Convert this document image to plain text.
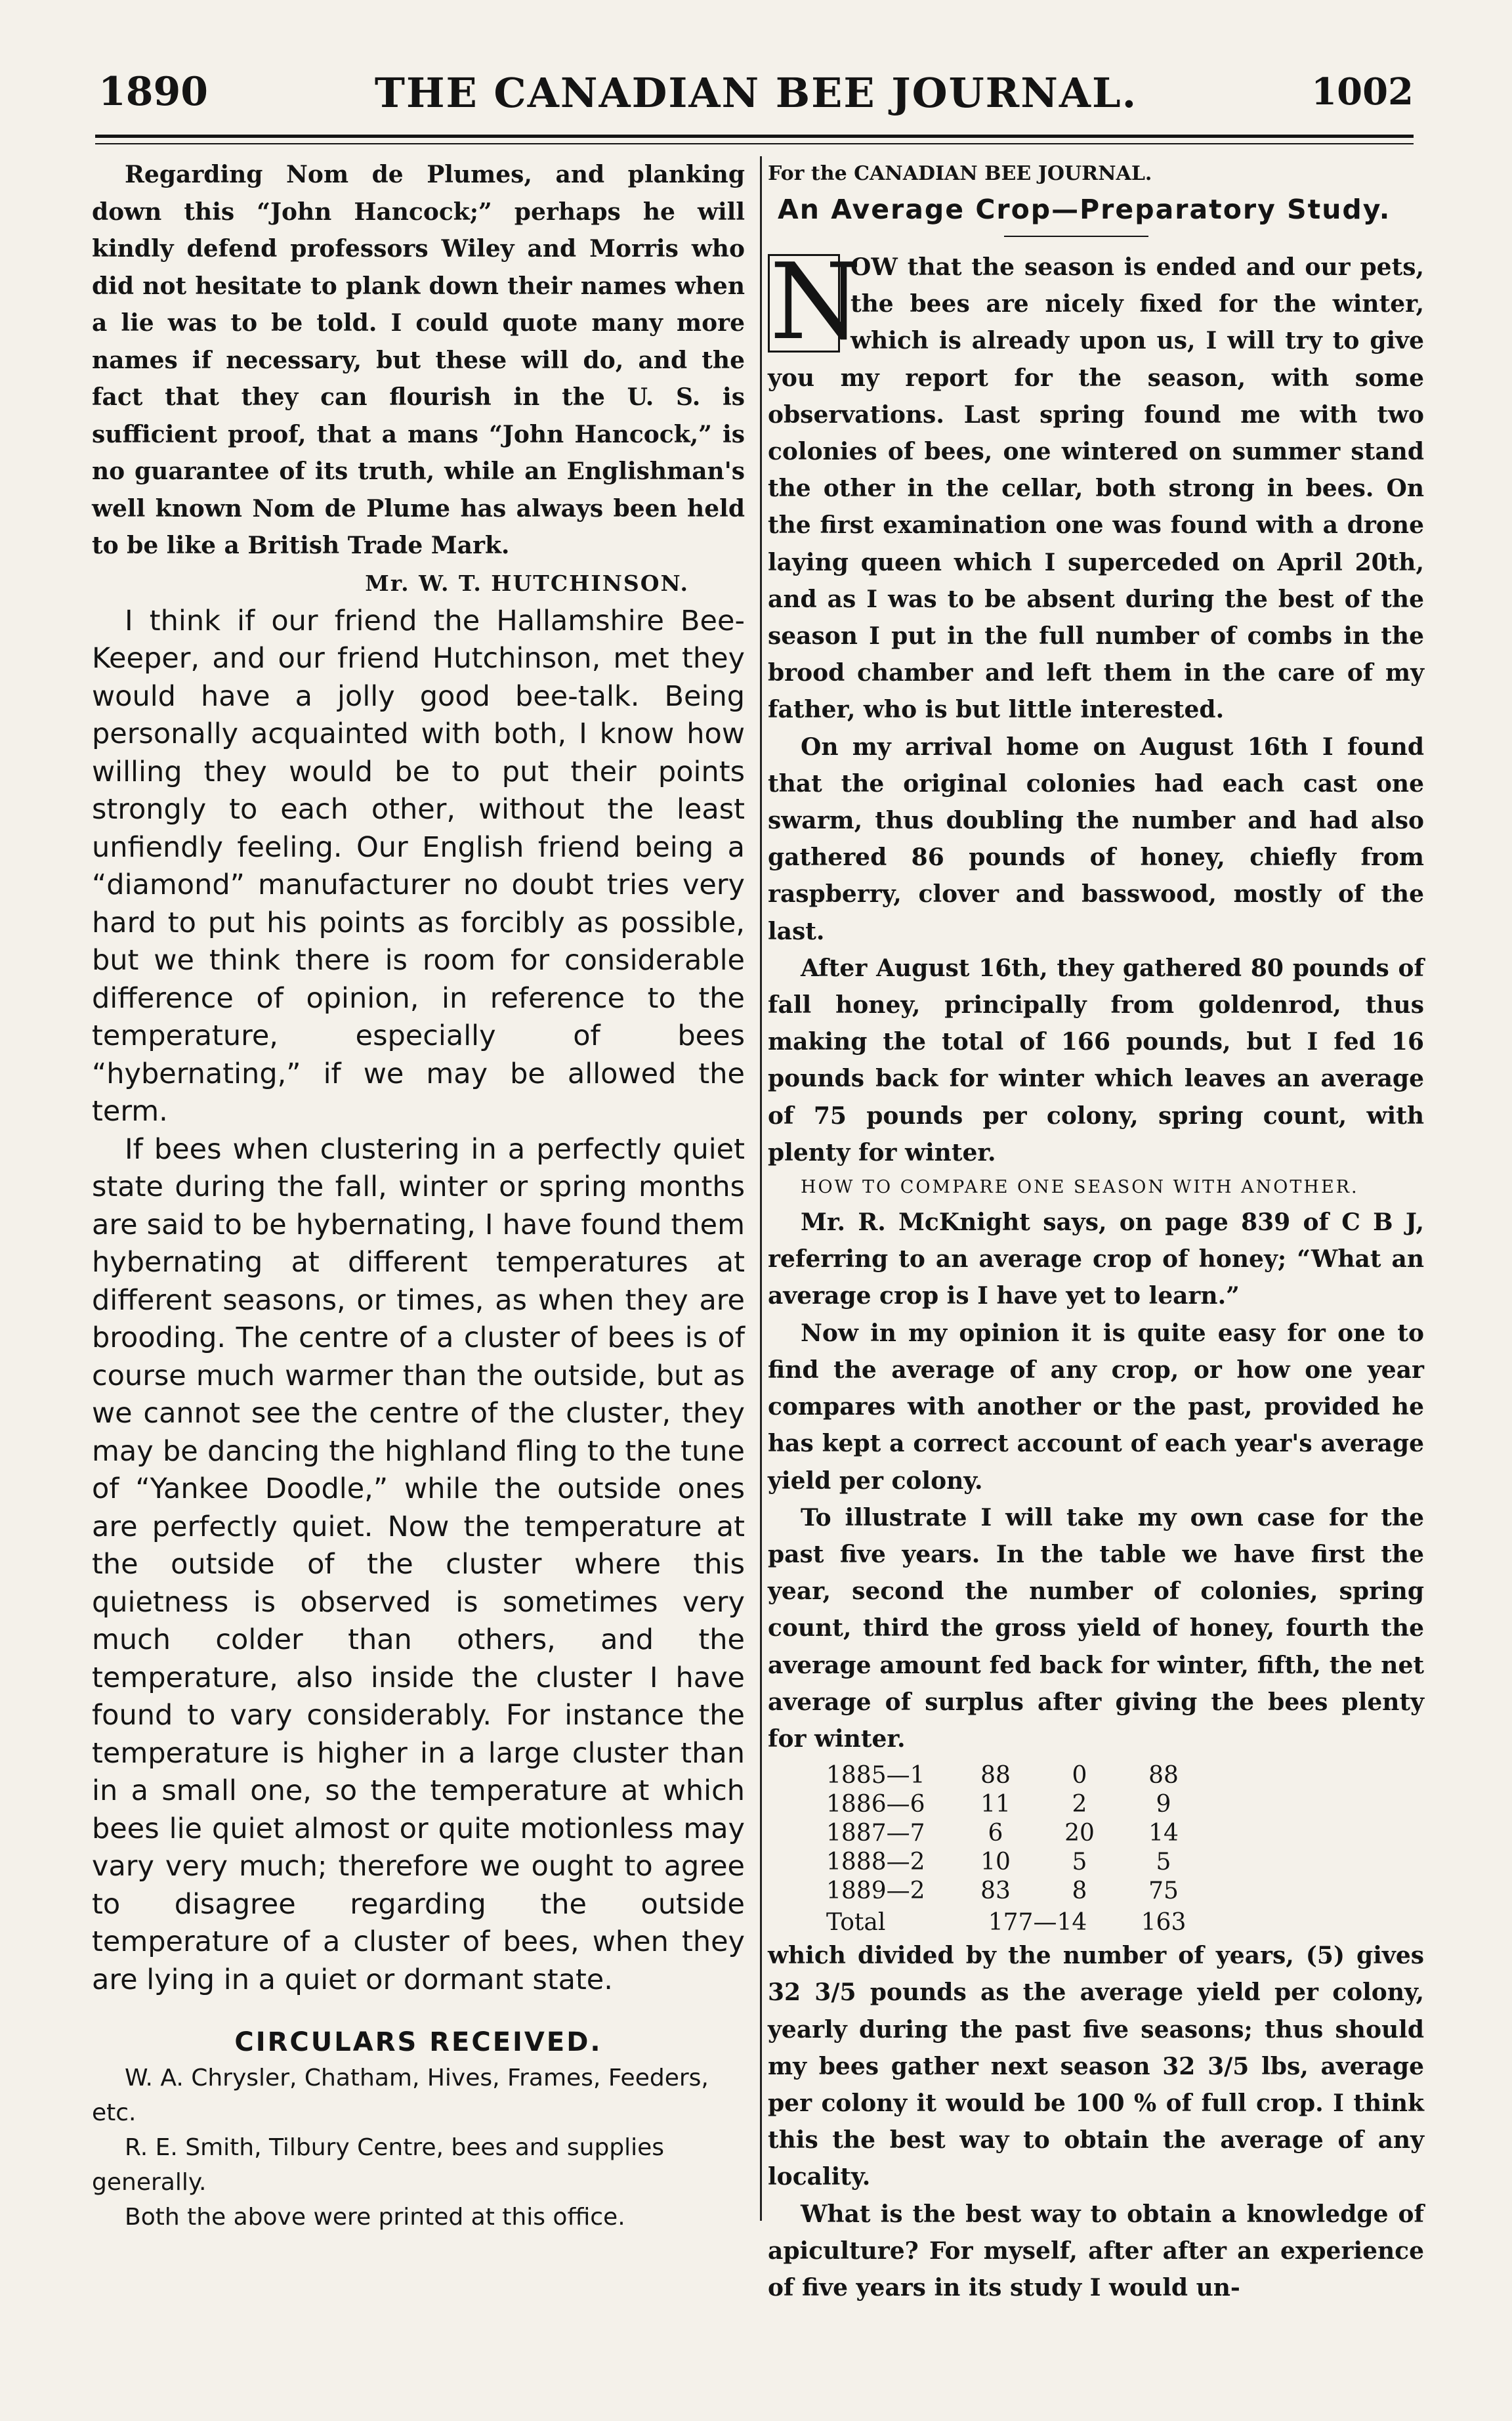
1890	THE CANADIAN BEE JOURNAL.	1002

Regarding Nom de Plumes, and planking down this “John Hancock;” perhaps he will kindly defend professors Wiley and Morris who did not hesitate to plank down their names when a lie was to be told. I could quote many more names if necessary, but these will do, and the fact that they can flourish in the U. S. is sufficient proof, that a mans “John Hancock,” is no guarantee of its truth, while an Englishman's well known Nom de Plume has always been held to be like a British Trade Mark.

Mr. W. T. HUTCHINSON.

I think if our friend the Hallamshire Bee-Keeper, and our friend Hutchinson, met they would have a jolly good bee-talk. Being personally acquainted with both, I know how willing they would be to put their points strongly to each other, without the least unfiendly feeling. Our English friend being a “diamond” manufacturer no doubt tries very hard to put his points as forcibly as possible, but we think there is room for considerable difference of opinion, in reference to the temperature, especially of bees “hybernating,” if we may be allowed the term.

If bees when clustering in a perfectly quiet state during the fall, winter or spring months are said to be hybernating, I have found them hybernating at different temperatures at different seasons, or times, as when they are brooding. The centre of a cluster of bees is of course much warmer than the outside, but as we cannot see the centre of the cluster, they may be dancing the highland fling to the tune of “Yankee Doodle,” while the outside ones are perfectly quiet. Now the temperature at the outside of the cluster where this quietness is observed is sometimes very much colder than others, and the temperature, also inside the cluster I have found to vary considerably. For instance the temperature is higher in a large cluster than in a small one, so the temperature at which bees lie quiet almost or quite motionless may vary very much; therefore we ought to agree to disagree regarding the outside temperature of a cluster of bees, when they are lying in a quiet or dormant state.

CIRCULARS RECEIVED.

W. A. Chrysler, Chatham, Hives, Frames, Feeders, etc.

R. E. Smith, Tilbury Centre, bees and supplies generally.

Both the above were printed at this office.

For the CANADIAN BEE JOURNAL.
An Average Crop—Preparatory Study.
N

OW that the season is ended and our pets, the bees are nicely fixed for the winter, which is already upon us, I will try to give you my report for the season, with some observations. Last spring found me with two colonies of bees, one wintered on summer stand the other in the cellar, both strong in bees. On the first examination one was found with a drone laying queen which I superceded on April 20th, and as I was to be absent during the best of the season I put in the full number of combs in the brood chamber and left them in the care of my father, who is but little interested.

On my arrival home on August 16th I found that the original colonies had each cast one swarm, thus doubling the number and had also gathered 86 pounds of honey, chiefly from raspberry, clover and basswood, mostly of the last.

After August 16th, they gathered 80 pounds of fall honey, principally from goldenrod, thus making the total of 166 pounds, but I fed 16 pounds back for winter which leaves an average of 75 pounds per colony, spring count, with plenty for winter.

HOW TO COMPARE ONE SEASON WITH ANOTHER.

Mr. R. McKnight says, on page 839 of C B J, referring to an average crop of honey; “What an average crop is I have yet to learn.”

Now in my opinion it is quite easy for one to find the average of any crop, or how one year compares with another or the past, provided he has kept a correct account of each year's average yield per colony.

To illustrate I will take my own case for the past five years. In the table we have first the year, second the number of colonies, spring count, third the gross yield of honey, fourth the average amount fed back for winter, fifth, the net average of surplus after giving the bees plenty for winter.

1885—1	88	0	88
1886—6	11	2	9
1887—7	6	20	14
1888—2	10	5	5
1889—2	83	8	75
Total	177—14		163

which divided by the number of years, (5) gives 32 3/5 pounds as the average yield per colony, yearly during the past five seasons; thus should my bees gather next season 32 3/5 lbs, average per colony it would be 100 % of full crop. I think this the best way to obtain the average of any locality.

What is the best way to obtain a knowledge of apiculture? For myself, after after an experience of five years in its study I would un-
